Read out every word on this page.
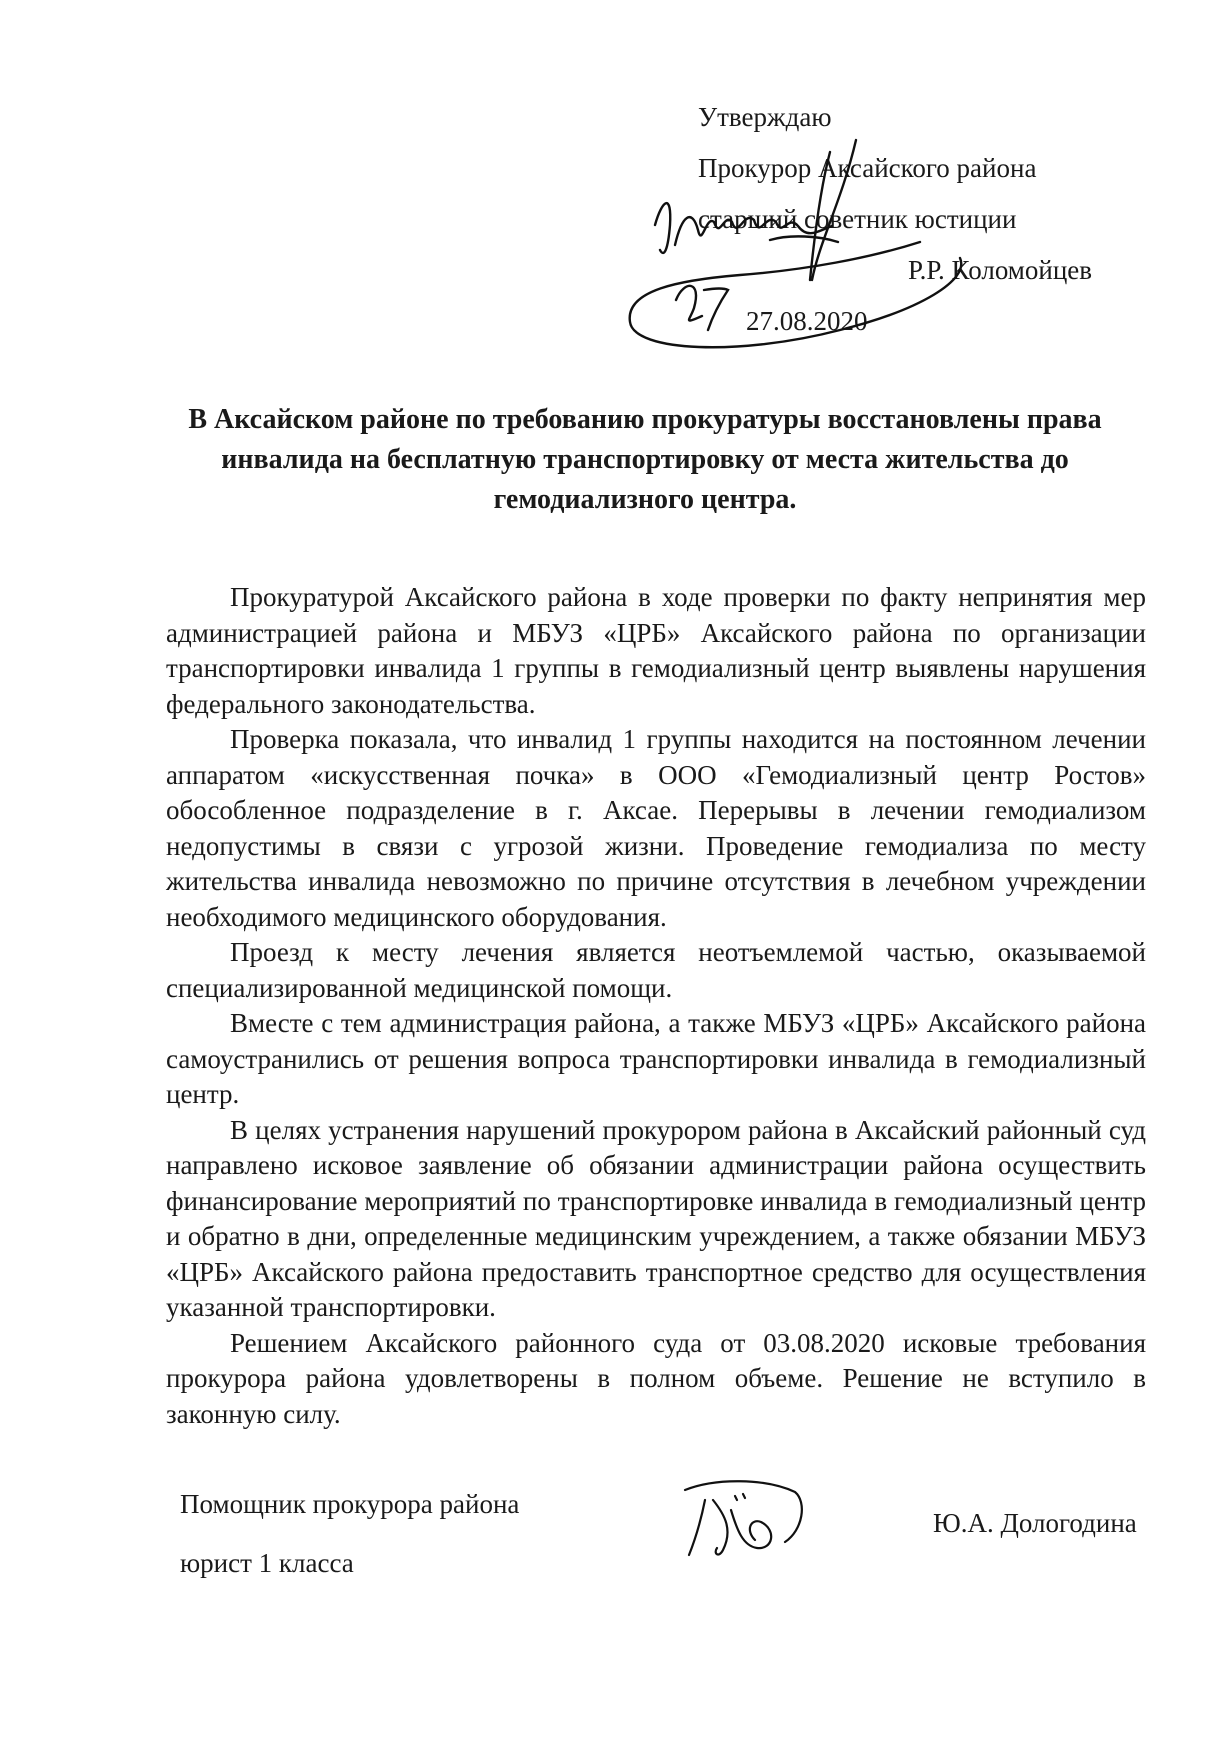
Утверждаю
Прокурор Аксайского района
старший советник юстиции
Р.Р. Коломойцев
27.08.2020
В Аксайском районе по требованию прокуратуры восстановлены права инвалида на бесплатную транспортировку от места жительства до гемодиализного центра.

Прокуратурой Аксайского района в ходе проверки по факту непринятия мер администрацией района и МБУЗ «ЦРБ» Аксайского района по организации транспортировки инвалида 1 группы в гемодиализный центр выявлены нарушения федерального законодательства.

Проверка показала, что инвалид 1 группы находится на постоянном лечении аппаратом «искусственная почка» в ООО «Гемодиализный центр Ростов» обособленное подразделение в г. Аксае. Перерывы в лечении гемодиализом недопустимы в связи с угрозой жизни. Проведение гемодиализа по месту жительства инвалида невозможно по причине отсутствия в лечебном учреждении необходимого медицинского оборудования.

Проезд к месту лечения является неотъемлемой частью, оказываемой специализированной медицинской помощи.

Вместе с тем администрация района, а также МБУЗ «ЦРБ» Аксайского района самоустранились от решения вопроса транспортировки инвалида в гемодиализный центр.

В целях устранения нарушений прокурором района в Аксайский районный суд направлено исковое заявление об обязании администрации района осуществить финансирование мероприятий по транспортировке инвалида в гемодиализный центр и обратно в дни, определенные медицинским учреждением, а также обязании МБУЗ «ЦРБ» Аксайского района предоставить транспортное средство для осуществления указанной транспортировки.

Решением Аксайского районного суда от 03.08.2020 исковые требования прокурора района удовлетворены в полном объеме. Решение не вступило в законную силу.

Помощник прокурора района
юрист 1 класса
Ю.А. Дологодина
